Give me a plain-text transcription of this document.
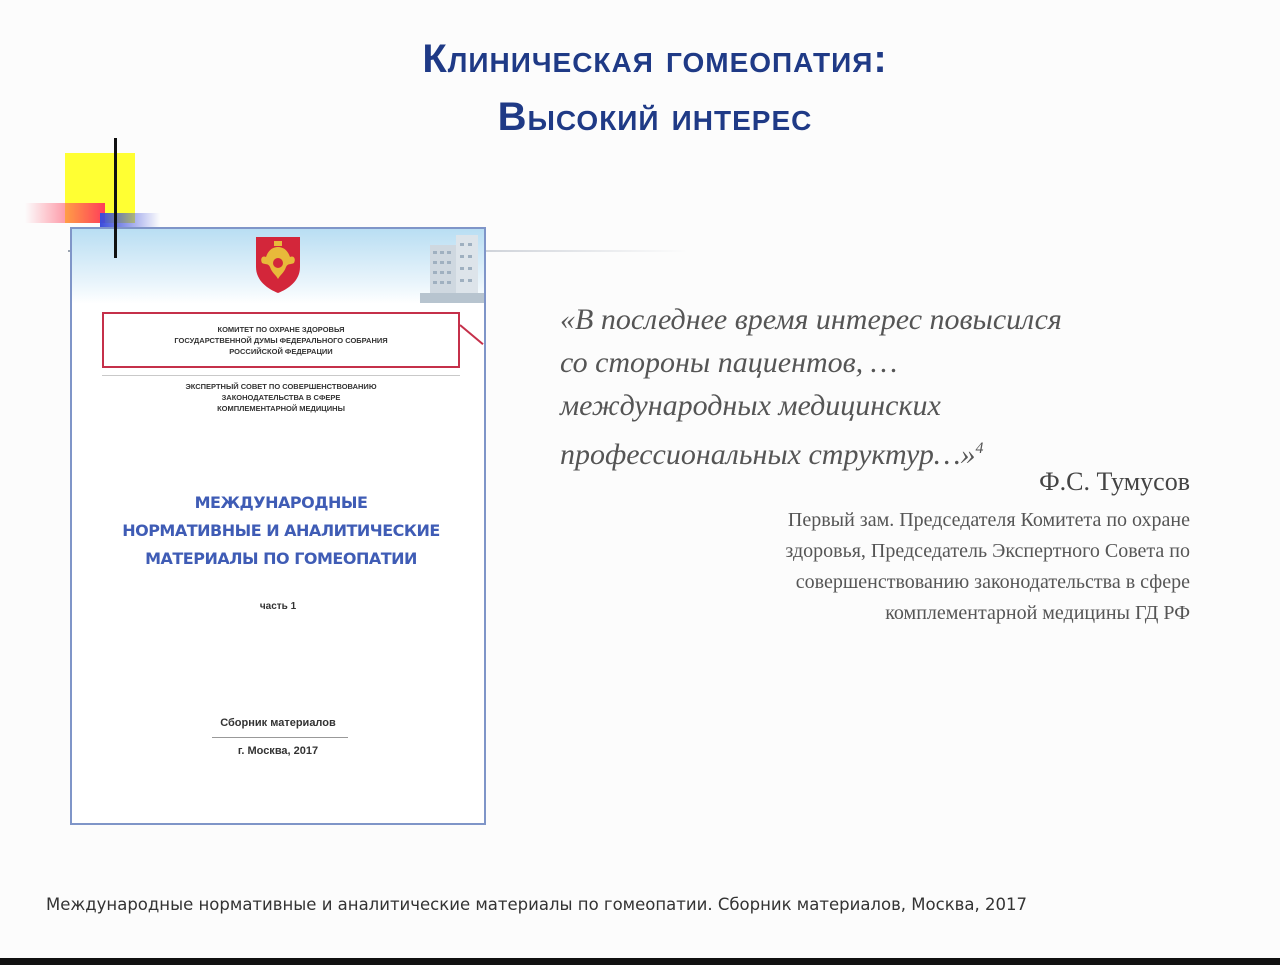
Клиническая гомеопатия:
Высокий интерес
КОМИТЕТ ПО ОХРАНЕ ЗДОРОВЬЯ
ГОСУДАРСТВЕННОЙ ДУМЫ ФЕДЕРАЛЬНОГО СОБРАНИЯ
РОССИЙСКОЙ ФЕДЕРАЦИИ
ЭКСПЕРТНЫЙ СОВЕТ ПО СОВЕРШЕНСТВОВАНИЮ
ЗАКОНОДАТЕЛЬСТВА В СФЕРЕ
КОМПЛЕМЕНТАРНОЙ МЕДИЦИНЫ
МЕЖДУНАРОДНЫЕ
НОРМАТИВНЫЕ И АНАЛИТИЧЕСКИЕ
МАТЕРИАЛЫ ПО ГОМЕОПАТИИ
часть 1
Сборник материалов
г. Москва, 2017
«В последнее время интерес повысился
со стороны пациентов, …
международных медицинских
профессиональных структур…»$^4$
Ф.С. Тумусов
Первый зам. Председателя Комитета по охране
здоровья, Председатель Экспертного Совета по
совершенствованию законодательства в сфере
комплементарной медицины ГД РФ
Международные нормативные и аналитические материалы по гомеопатии. Сборник материалов, Москва, 2017
